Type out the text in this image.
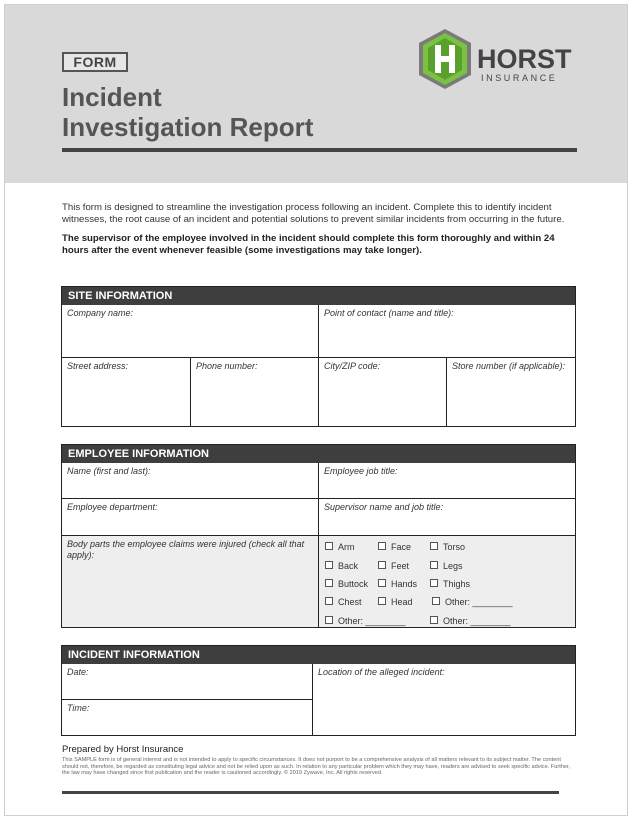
FORM
Incident
Investigation Report
HORST
INSURANCE

This form is designed to streamline the investigation process following an incident. Complete this to identify incident witnesses, the root cause of an incident and potential solutions to prevent similar incidents from occurring in the future.

The supervisor of the employee involved in the incident should complete this form thoroughly and within 24 hours after the event whenever feasible (some investigations may take longer).

SITE INFORMATION
Company name:	Point of contact (name and title):
Street address:	Phone number:	City/ZIP code:	Store number (if applicable):
EMPLOYEE INFORMATION
Name (first and last):	Employee job title:
Employee department:	Supervisor name and job title:
Body parts the employee claims were injured (check all that apply):
Arm	Face	Torso
Back	Feet	Legs
Buttock	Hands	Thighs
Chest	Head	Other: ________
Other: ________	Other: ________
INCIDENT INFORMATION
Date:
Time:
Location of the alleged incident:
Prepared by Horst Insurance
This SAMPLE form is of general interest and is not intended to apply to specific circumstances. It does not purport to be a comprehensive analysis of all matters relevant to its subject matter. The content should not, therefore, be regarded as constituting legal advice and not be relied upon as such. In relation to any particular problem which they may have, readers are advised to seek specific advice. Further, the law may have changed since first publication and the reader is cautioned accordingly. © 2019 Zywave, Inc. All rights reserved.
